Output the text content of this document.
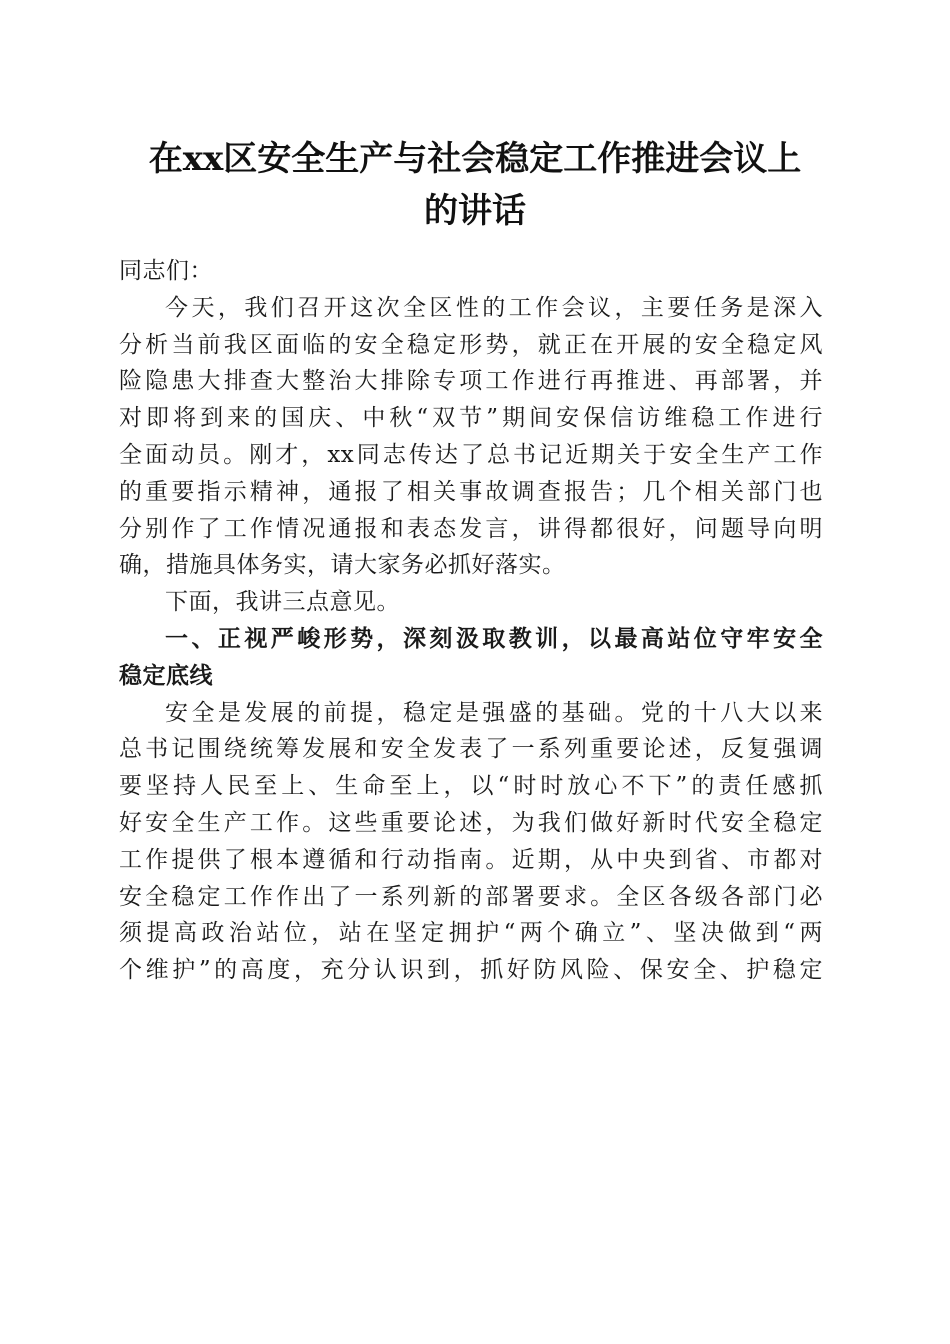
在xx区安全生产与社会稳定工作推进会议上
的讲话
同志们：
今天，我们召开这次全区性的工作会议，主要任务是深入
分析当前我区面临的安全稳定形势，就正在开展的安全稳定风
险隐患大排查大整治大排除专项工作进行再推进、再部署，并
对即将到来的国庆、中秋“双节”期间安保信访维稳工作进行
全面动员。刚才，xx同志传达了总书记近期关于安全生产工作
的重要指示精神，通报了相关事故调查报告；几个相关部门也
分别作了工作情况通报和表态发言，讲得都很好，问题导向明
确，措施具体务实，请大家务必抓好落实。
下面，我讲三点意见。
一、正视严峻形势，深刻汲取教训，以最高站位守牢安全
稳定底线
安全是发展的前提，稳定是强盛的基础。党的十八大以来
总书记围绕统筹发展和安全发表了一系列重要论述，反复强调
要坚持人民至上、生命至上，以“时时放心不下”的责任感抓
好安全生产工作。这些重要论述，为我们做好新时代安全稳定
工作提供了根本遵循和行动指南。近期，从中央到省、市都对
安全稳定工作作出了一系列新的部署要求。全区各级各部门必
须提高政治站位，站在坚定拥护“两个确立”、坚决做到“两
个维护”的高度，充分认识到，抓好防风险、保安全、护稳定
